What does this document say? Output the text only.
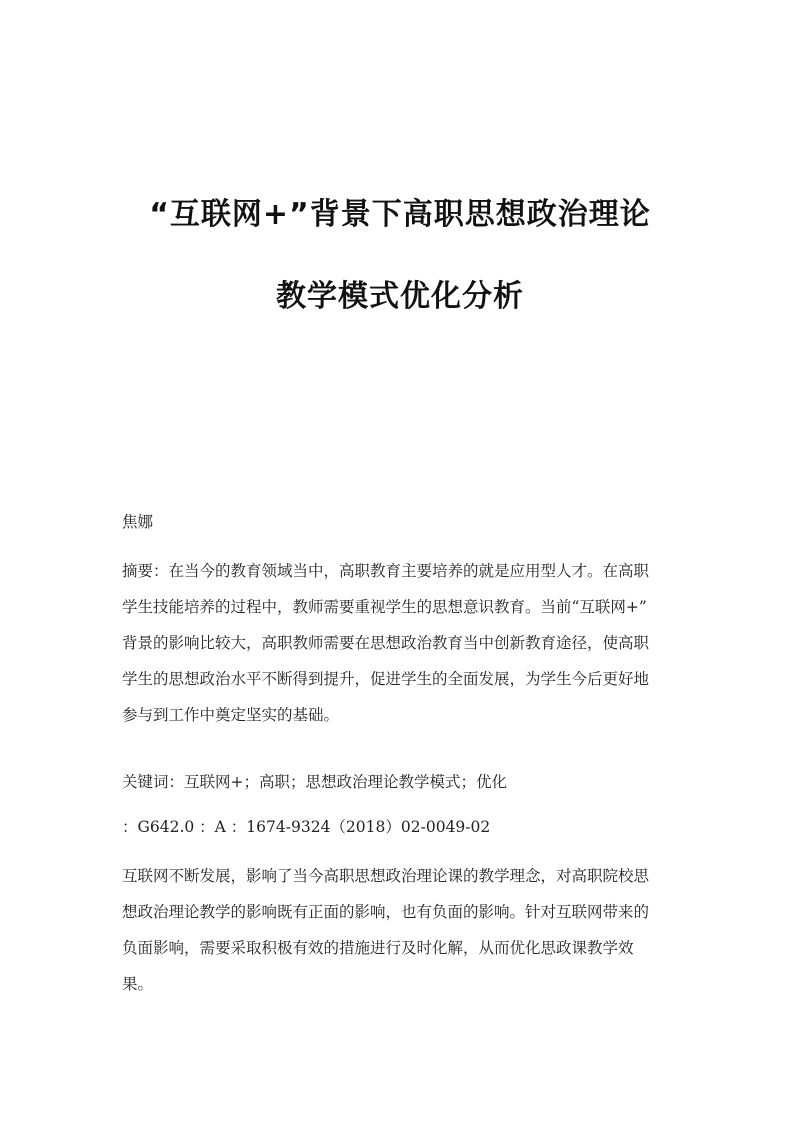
“互联网+”背景下高职思想政治理论
教学模式优化分析
焦娜
摘要：在当今的教育领域当中，高职教育主要培养的就是应用型人才。在高职
学生技能培养的过程中，教师需要重视学生的思想意识教育。当前“互联网+”
背景的影响比较大，高职教师需要在思想政治教育当中创新教育途径，使高职
学生的思想政治水平不断得到提升，促进学生的全面发展，为学生今后更好地
参与到工作中奠定坚实的基础。
关键词：互联网+；高职；思想政治理论教学模式；优化
：G642.0 ：A ：1674-9324（2018）02-0049-02
互联网不断发展，影响了当今高职思想政治理论课的教学理念，对高职院校思
想政治理论教学的影响既有正面的影响，也有负面的影响。针对互联网带来的
负面影响，需要采取积极有效的措施进行及时化解，从而优化思政课教学效
果。
